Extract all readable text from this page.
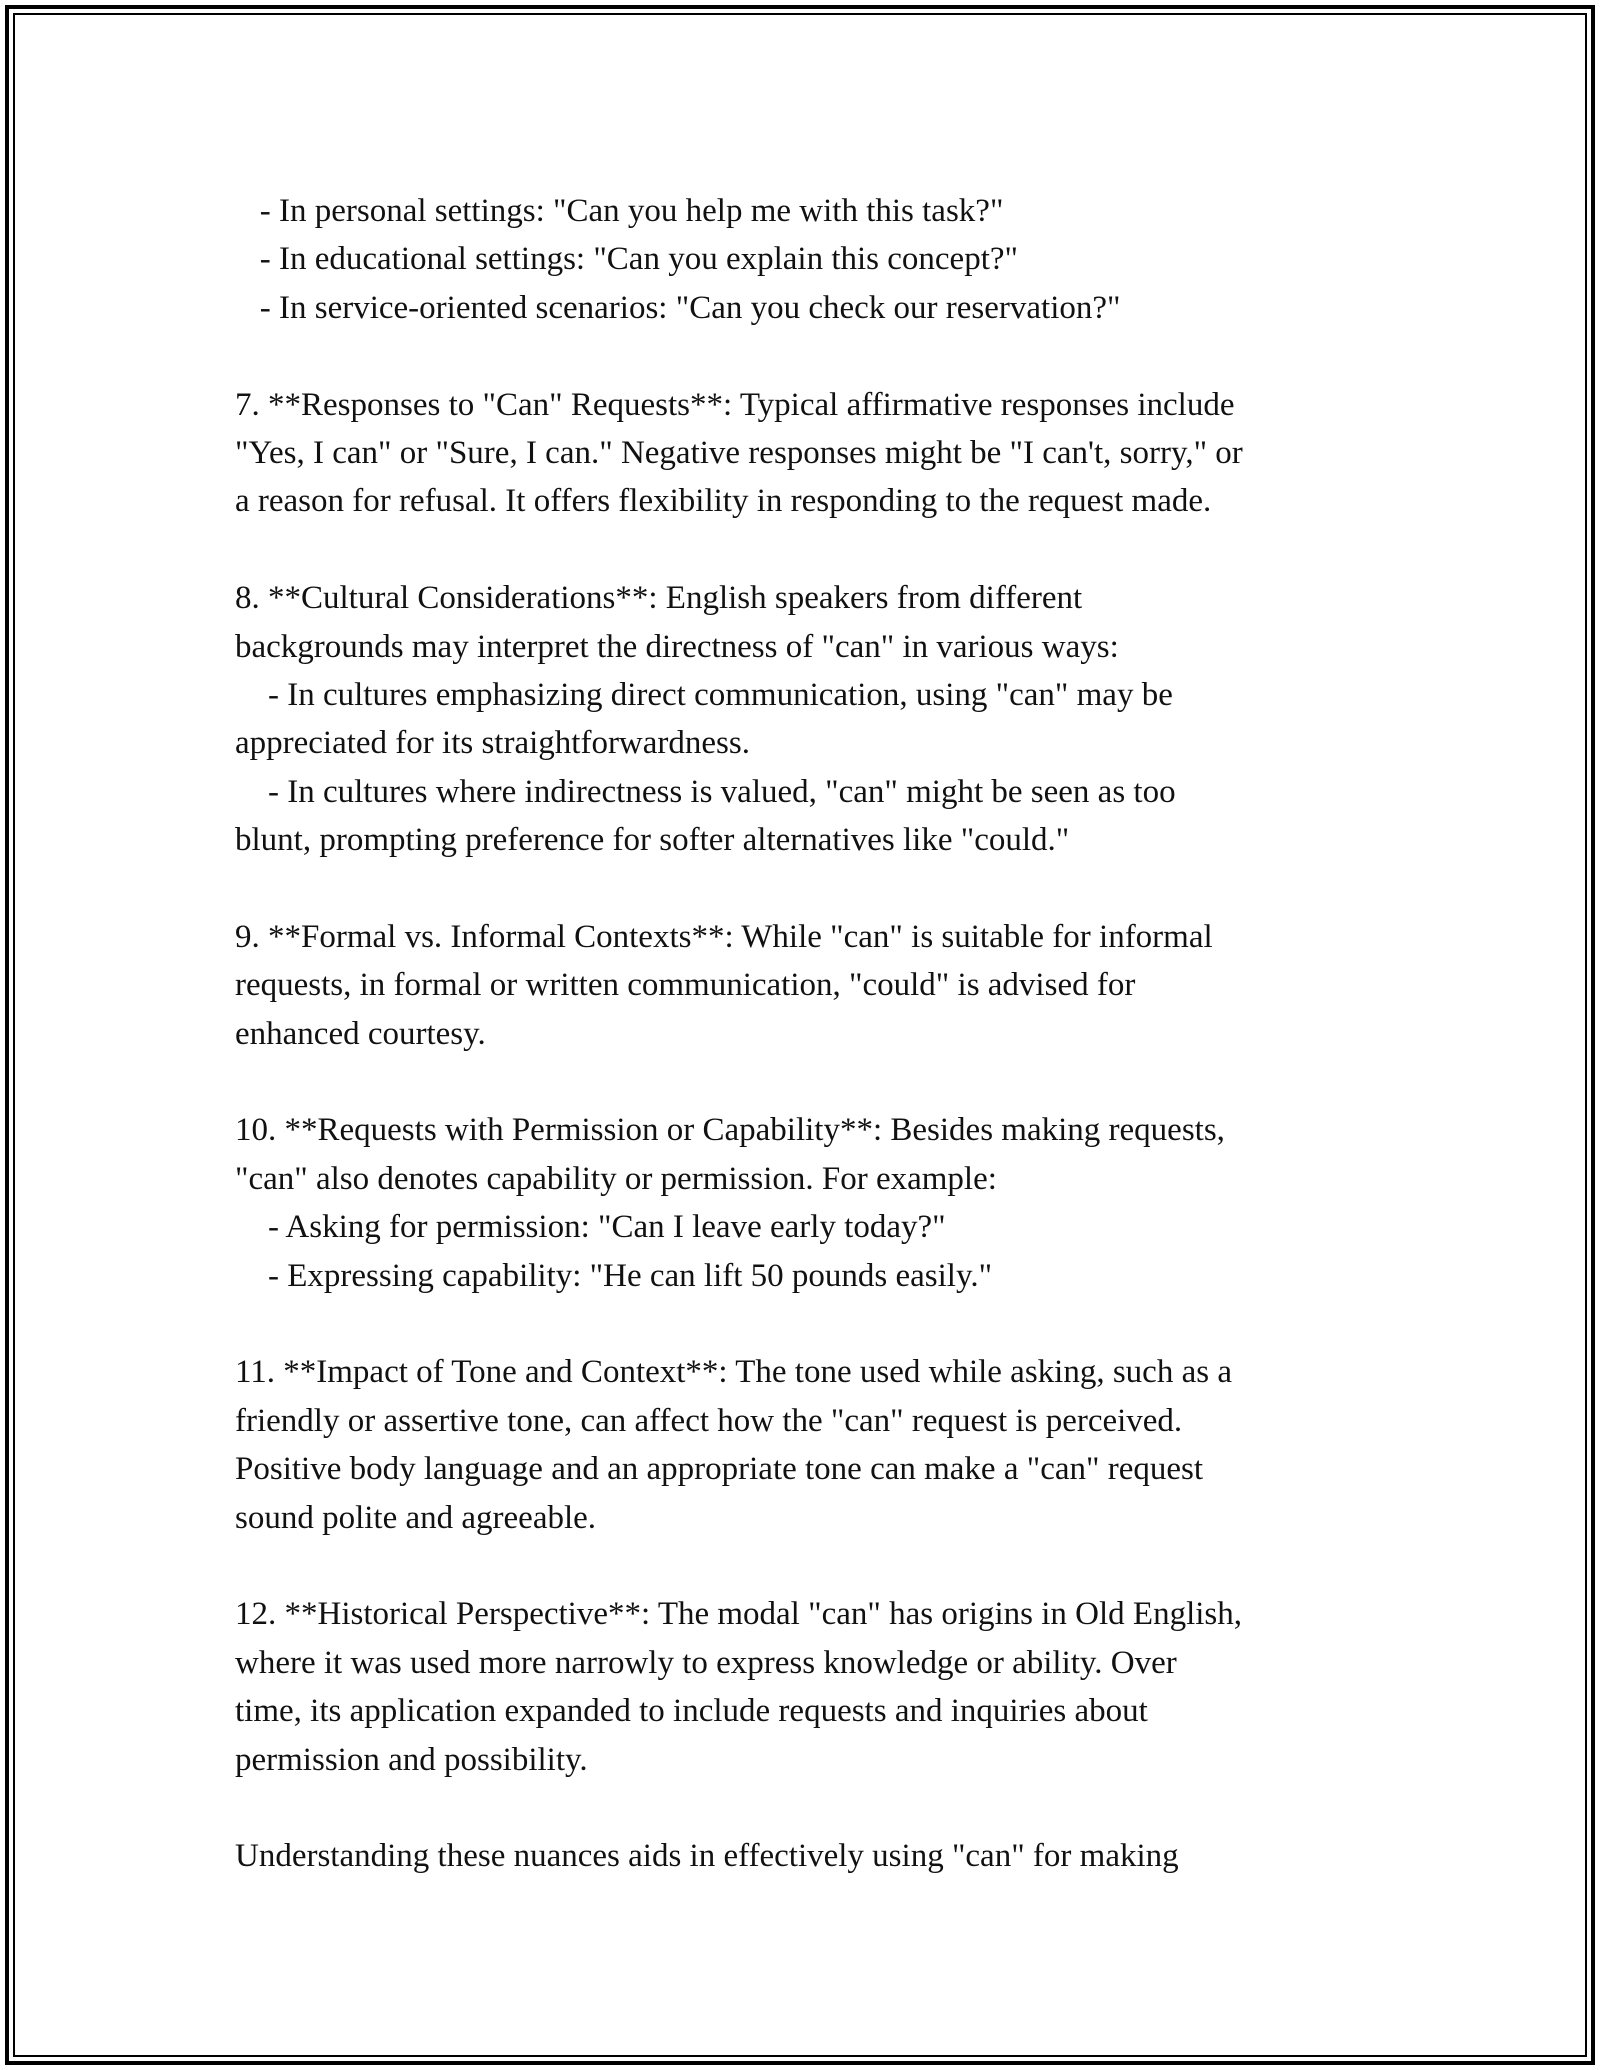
- In personal settings: "Can you help me with this task?"
- In educational settings: "Can you explain this concept?"
- In service-oriented scenarios: "Can you check our reservation?"
7. **Responses to "Can" Requests**: Typical affirmative responses include
"Yes, I can" or "Sure, I can." Negative responses might be "I can't, sorry," or
a reason for refusal. It offers flexibility in responding to the request made.
8. **Cultural Considerations**: English speakers from different
backgrounds may interpret the directness of "can" in various ways:
- In cultures emphasizing direct communication, using "can" may be
appreciated for its straightforwardness.
- In cultures where indirectness is valued, "can" might be seen as too
blunt, prompting preference for softer alternatives like "could."
9. **Formal vs. Informal Contexts**: While "can" is suitable for informal
requests, in formal or written communication, "could" is advised for
enhanced courtesy.
10. **Requests with Permission or Capability**: Besides making requests,
"can" also denotes capability or permission. For example:
- Asking for permission: "Can I leave early today?"
- Expressing capability: "He can lift 50 pounds easily."
11. **Impact of Tone and Context**: The tone used while asking, such as a
friendly or assertive tone, can affect how the "can" request is perceived.
Positive body language and an appropriate tone can make a "can" request
sound polite and agreeable.
12. **Historical Perspective**: The modal "can" has origins in Old English,
where it was used more narrowly to express knowledge or ability. Over
time, its application expanded to include requests and inquiries about
permission and possibility.
Understanding these nuances aids in effectively using "can" for making
